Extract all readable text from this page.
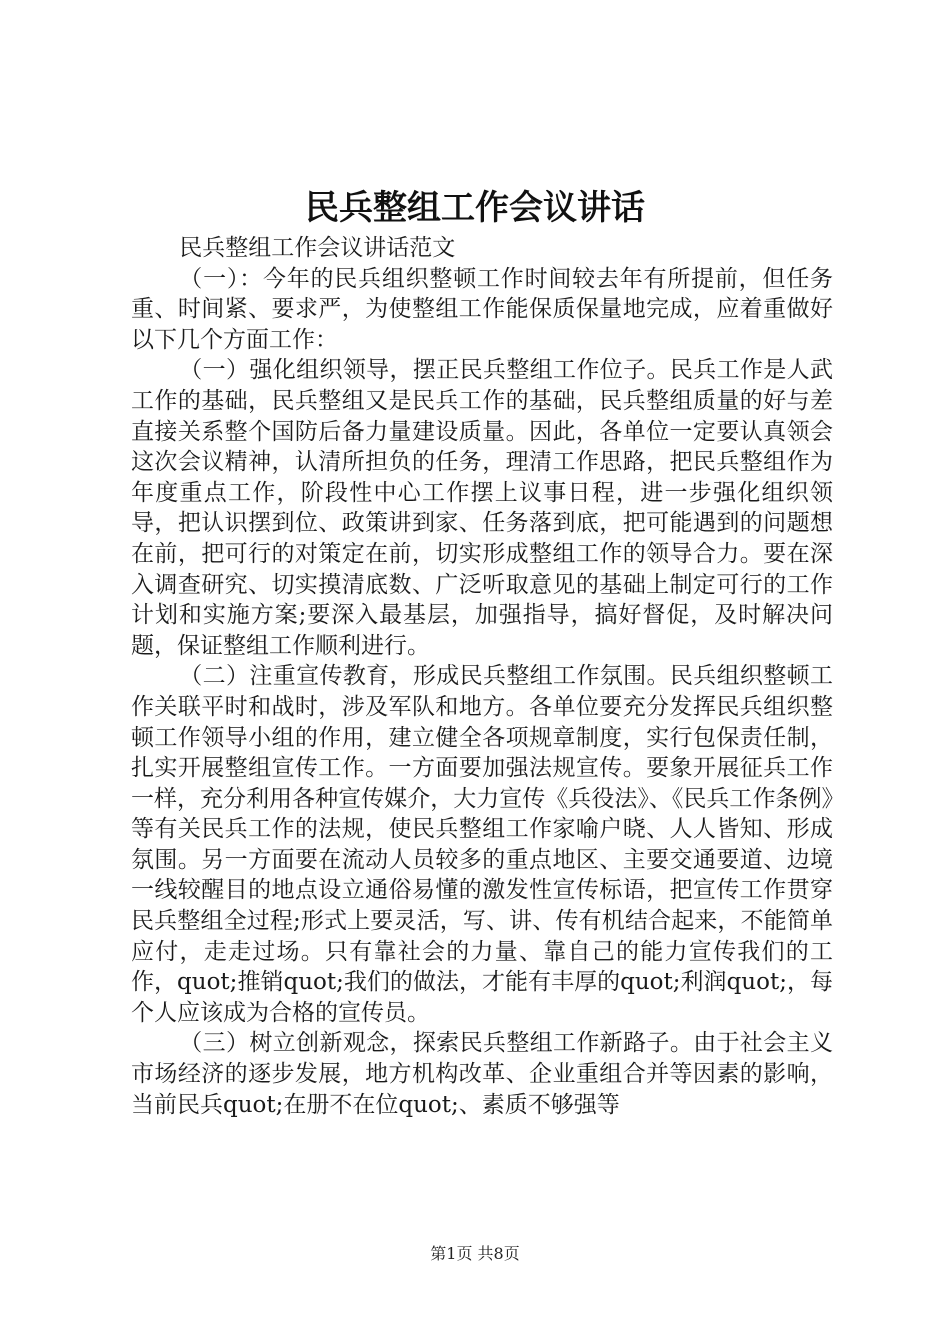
民兵整组工作会议讲话

民兵整组工作会议讲话范文

（一）：今年的民兵组织整顿工作时间较去年有所提前，但任务重、时间紧、要求严，为使整组工作能保质保量地完成，应着重做好以下几个方面工作：

（一）强化组织领导，摆正民兵整组工作位子。民兵工作是人武工作的基础，民兵整组又是民兵工作的基础，民兵整组质量的好与差直接关系整个国防后备力量建设质量。因此，各单位一定要认真领会这次会议精神，认清所担负的任务，理清工作思路，把民兵整组作为年度重点工作，阶段性中心工作摆上议事日程，进一步强化组织领导，把认识摆到位、政策讲到家、任务落到底，把可能遇到的问题想在前，把可行的对策定在前，切实形成整组工作的领导合力。要在深入调查研究、切实摸清底数、广泛听取意见的基础上制定可行的工作计划和实施方案;要深入最基层，加强指导，搞好督促，及时解决问题，保证整组工作顺利进行。

（二）注重宣传教育，形成民兵整组工作氛围。民兵组织整顿工作关联平时和战时，涉及军队和地方。各单位要充分发挥民兵组织整顿工作领导小组的作用，建立健全各项规章制度，实行包保责任制，扎实开展整组宣传工作。一方面要加强法规宣传。要象开展征兵工作一样，充分利用各种宣传媒介，大力宣传《兵役法》、《民兵工作条例》等有关民兵工作的法规，使民兵整组工作家喻户晓、人人皆知、形成氛围。另一方面要在流动人员较多的重点地区、主要交通要道、边境一线较醒目的地点设立通俗易懂的激发性宣传标语，把宣传工作贯穿民兵整组全过程;形式上要灵活，写、讲、传有机结合起来，不能简单应付，走走过场。只有靠社会的力量、靠自己的能力宣传我们的工作，quot;推销quot;我们的做法，才能有丰厚的quot;利润quot;，每个人应该成为合格的宣传员。

（三）树立创新观念，探索民兵整组工作新路子。由于社会主义市场经济的逐步发展，地方机构改革、企业重组合并等因素的影响，当前民兵quot;在册不在位quot;、素质不够强等

第1页 共8页
